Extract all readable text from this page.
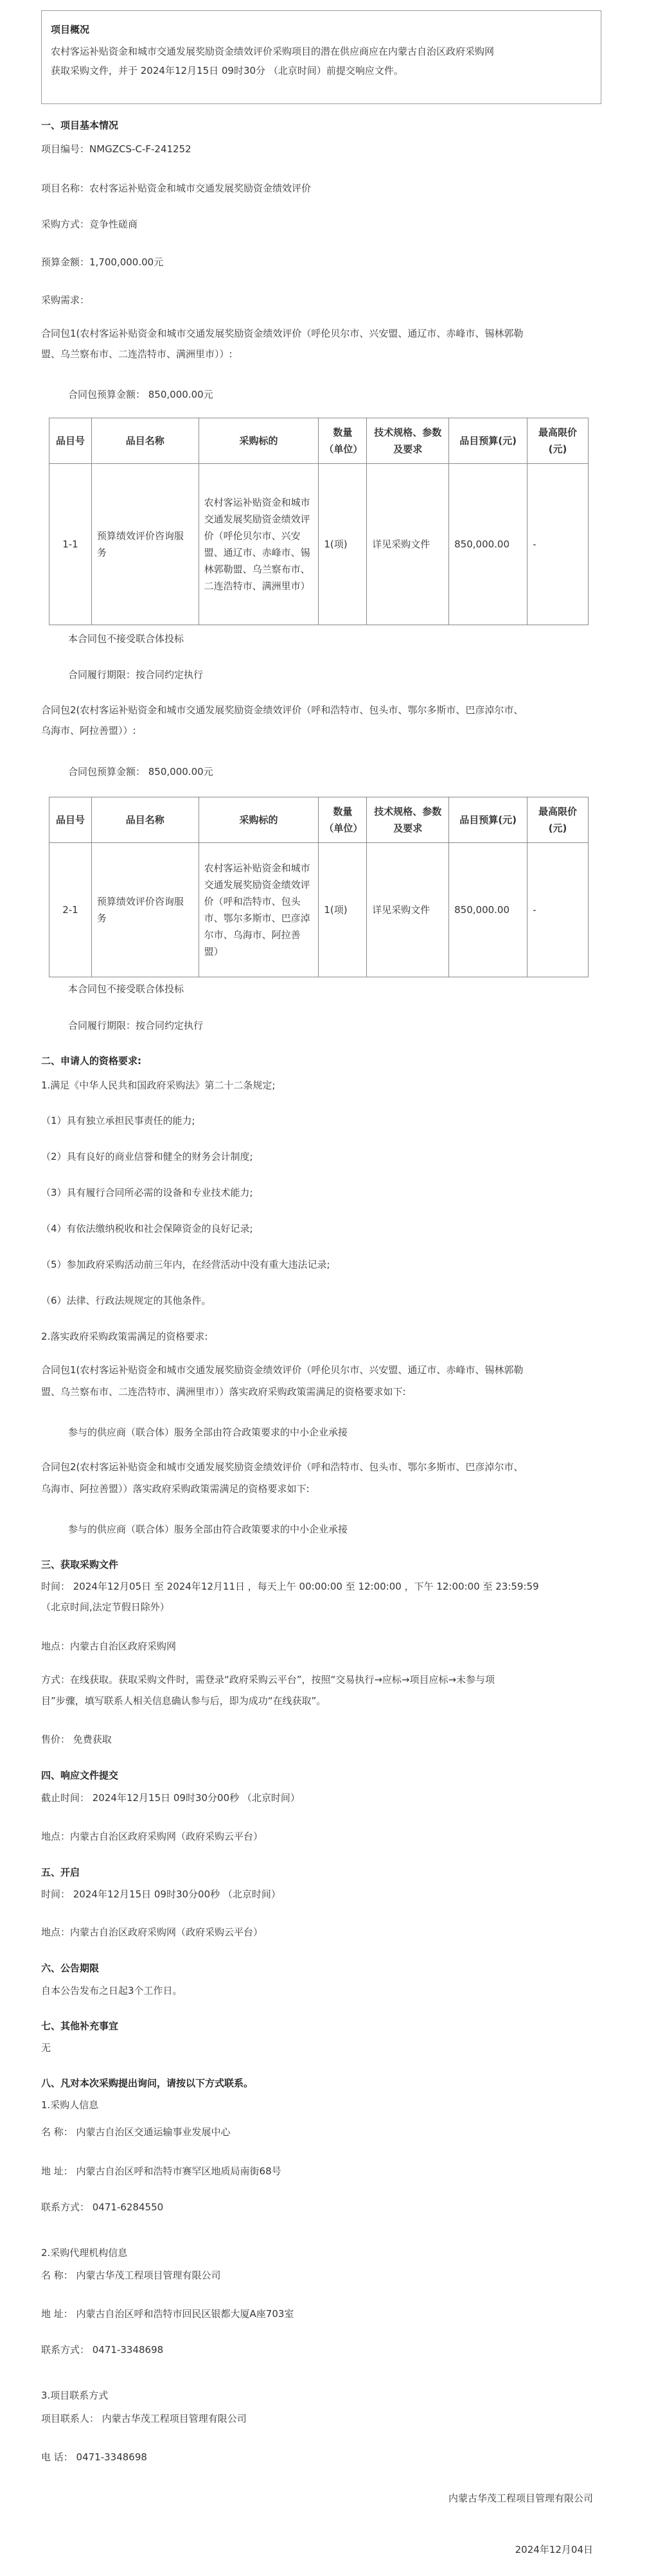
项目概况
农村客运补贴资金和城市交通发展奖励资金绩效评价采购项目的潜在供应商应在内蒙古自治区政府采购网
获取采购文件，并于 2024年12月15日 09时30分 （北京时间）前提交响应文件。
一、项目基本情况
项目编号：NMGZCS-C-F-241252
项目名称：农村客运补贴资金和城市交通发展奖励资金绩效评价
采购方式：竞争性磋商
预算金额：1,700,000.00元
采购需求：
合同包1(农村客运补贴资金和城市交通发展奖励资金绩效评价（呼伦贝尔市、兴安盟、通辽市、赤峰市、锡林郭勒
盟、乌兰察布市、二连浩特市、满洲里市））:
合同包预算金额： 850,000.00元
品目号	品目名称	采购标的	数量（单位）	技术规格、参数及要求	品目预算(元)	最高限价(元)
1-1	预算绩效评价咨询服务	农村客运补贴资金和城市交通发展奖励资金绩效评价（呼伦贝尔市、兴安盟、通辽市、赤峰市、锡林郭勒盟、乌兰察布市、二连浩特市、满洲里市）	1(项)	详见采购文件	850,000.00	-
本合同包不接受联合体投标
合同履行期限：按合同约定执行
合同包2(农村客运补贴资金和城市交通发展奖励资金绩效评价（呼和浩特市、包头市、鄂尔多斯市、巴彦淖尔市、
乌海市、阿拉善盟））:
合同包预算金额： 850,000.00元
品目号	品目名称	采购标的	数量（单位）	技术规格、参数及要求	品目预算(元)	最高限价(元)
2-1	预算绩效评价咨询服务	农村客运补贴资金和城市交通发展奖励资金绩效评价（呼和浩特市、包头市、鄂尔多斯市、巴彦淖尔市、乌海市、阿拉善盟）	1(项)	详见采购文件	850,000.00	-
本合同包不接受联合体投标
合同履行期限：按合同约定执行
二、申请人的资格要求:
1.满足《中华人民共和国政府采购法》第二十二条规定;
（1）具有独立承担民事责任的能力;
（2）具有良好的商业信誉和健全的财务会计制度;
（3）具有履行合同所必需的设备和专业技术能力;
（4）有依法缴纳税收和社会保障资金的良好记录;
（5）参加政府采购活动前三年内，在经营活动中没有重大违法记录;
（6）法律、行政法规规定的其他条件。
2.落实政府采购政策需满足的资格要求:
合同包1(农村客运补贴资金和城市交通发展奖励资金绩效评价（呼伦贝尔市、兴安盟、通辽市、赤峰市、锡林郭勒
盟、乌兰察布市、二连浩特市、满洲里市））落实政府采购政策需满足的资格要求如下:
参与的供应商（联合体）服务全部由符合政策要求的中小企业承接
合同包2(农村客运补贴资金和城市交通发展奖励资金绩效评价（呼和浩特市、包头市、鄂尔多斯市、巴彦淖尔市、
乌海市、阿拉善盟））落实政府采购政策需满足的资格要求如下:
参与的供应商（联合体）服务全部由符合政策要求的中小企业承接
三、获取采购文件
时间： 2024年12月05日 至 2024年12月11日 ，每天上午 00:00:00 至 12:00:00 ，下午 12:00:00 至 23:59:59
（北京时间,法定节假日除外）
地点：内蒙古自治区政府采购网
方式：在线获取。获取采购文件时，需登录“政府采购云平台”，按照“交易执行→应标→项目应标→未参与项
目”步骤，填写联系人相关信息确认参与后，即为成功“在线获取”。
售价： 免费获取
四、响应文件提交
截止时间： 2024年12月15日 09时30分00秒 （北京时间）
地点：内蒙古自治区政府采购网（政府采购云平台）
五、开启
时间： 2024年12月15日 09时30分00秒 （北京时间）
地点：内蒙古自治区政府采购网（政府采购云平台）
六、公告期限
自本公告发布之日起3个工作日。
七、其他补充事宜
无
八、凡对本次采购提出询问，请按以下方式联系。
1.采购人信息
名 称： 内蒙古自治区交通运输事业发展中心
地 址： 内蒙古自治区呼和浩特市赛罕区地质局南街68号
联系方式： 0471-6284550
2.采购代理机构信息
名 称： 内蒙古华茂工程项目管理有限公司
地 址： 内蒙古自治区呼和浩特市回民区银都大厦A座703室
联系方式： 0471-3348698
3.项目联系方式
项目联系人： 内蒙古华茂工程项目管理有限公司
电 话： 0471-3348698
内蒙古华茂工程项目管理有限公司
2024年12月04日
